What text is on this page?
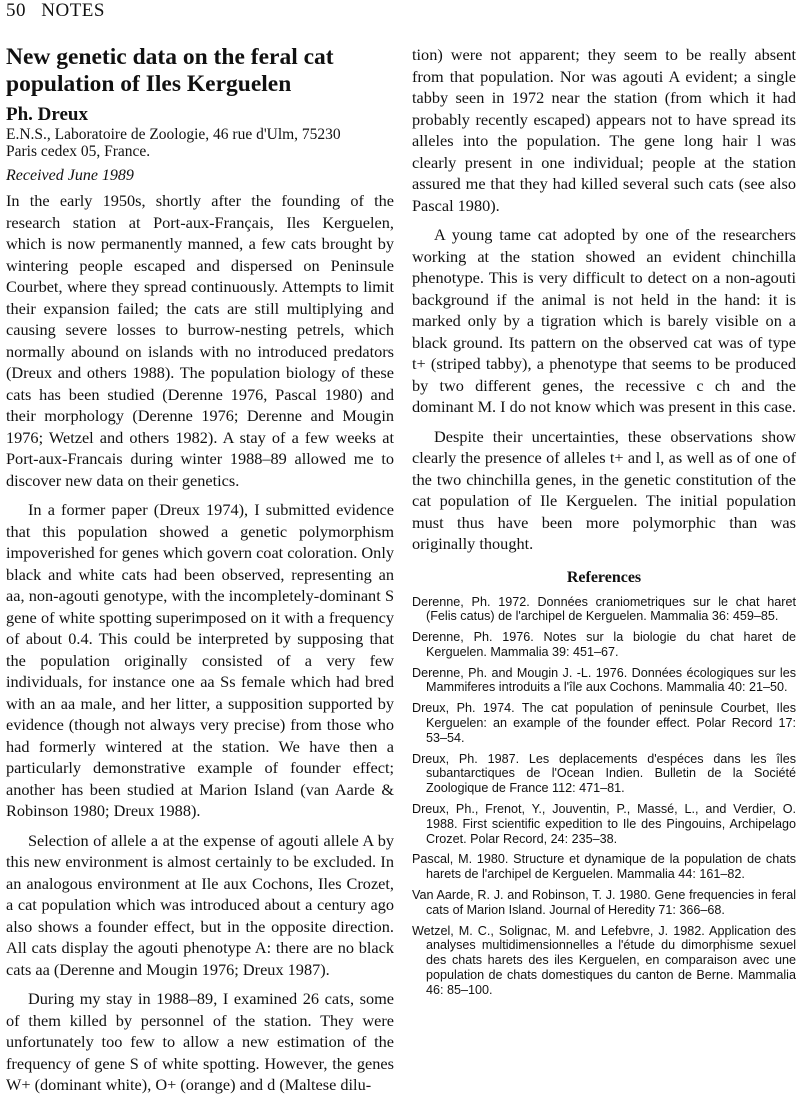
50 NOTES
New genetic data on the feral cat population of Iles Kerguelen
Ph. Dreux
E.N.S., Laboratoire de Zoologie, 46 rue d'Ulm, 75230
Paris cedex 05, France.
Received June 1989

In the early 1950s, shortly after the founding of the research station at Port-aux-Français, Iles Kerguelen, which is now permanently manned, a few cats brought by wintering people escaped and dispersed on Peninsule Courbet, where they spread continuously. Attempts to limit their expansion failed; the cats are still multiplying and causing severe losses to burrow-nesting petrels, which normally abound on islands with no introduced predators (Dreux and others 1988). The population biology of these cats has been studied (Derenne 1976, Pascal 1980) and their morphology (Derenne 1976; Derenne and Mougin 1976; Wetzel and others 1982). A stay of a few weeks at Port-aux-Francais during winter 1988–89 allowed me to discover new data on their genetics.

In a former paper (Dreux 1974), I submitted evidence that this population showed a genetic polymorphism impoverished for genes which govern coat coloration. Only black and white cats had been observed, representing an aa, non-agouti genotype, with the incompletely-dominant S gene of white spotting superimposed on it with a frequency of about 0.4. This could be interpreted by supposing that the population originally consisted of a very few individuals, for instance one aa Ss female which had bred with an aa male, and her litter, a supposition supported by evidence (though not always very precise) from those who had formerly wintered at the station. We have then a particularly demonstrative example of founder effect; another has been studied at Marion Island (van Aarde & Robinson 1980; Dreux 1988).

Selection of allele a at the expense of agouti allele A by this new environment is almost certainly to be excluded. In an analogous environment at Ile aux Cochons, Iles Crozet, a cat population which was introduced about a century ago also shows a founder effect, but in the opposite direction. All cats display the agouti phenotype A: there are no black cats aa (Derenne and Mougin 1976; Dreux 1987).

During my stay in 1988–89, I examined 26 cats, some of them killed by personnel of the station. They were unfortunately too few to allow a new estimation of the frequency of gene S of white spotting. However, the genes W+ (dominant white), O+ (orange) and d (Maltese dilu-

tion) were not apparent; they seem to be really absent from that population. Nor was agouti A evident; a single tabby seen in 1972 near the station (from which it had probably recently escaped) appears not to have spread its alleles into the population. The gene long hair l was clearly present in one individual; people at the station assured me that they had killed several such cats (see also Pascal 1980).

A young tame cat adopted by one of the researchers working at the station showed an evident chinchilla phenotype. This is very difficult to detect on a non-agouti background if the animal is not held in the hand: it is marked only by a tigration which is barely visible on a black ground. Its pattern on the observed cat was of type t+ (striped tabby), a phenotype that seems to be produced by two different genes, the recessive c ch and the dominant M. I do not know which was present in this case.

Despite their uncertainties, these observations show clearly the presence of alleles t+ and l, as well as of one of the two chinchilla genes, in the genetic constitution of the cat population of Ile Kerguelen. The initial population must thus have been more polymorphic than was originally thought.

References
Derenne, Ph. 1972. Données craniometriques sur le chat haret (Felis catus) de l'archipel de Kerguelen. Mammalia 36: 459–85.
Derenne, Ph. 1976. Notes sur la biologie du chat haret de Kerguelen. Mammalia 39: 451–67.
Derenne, Ph. and Mougin J. -L. 1976. Données écologiques sur les Mammiferes introduits a l'île aux Cochons. Mammalia 40: 21–50.
Dreux, Ph. 1974. The cat population of peninsule Courbet, Iles Kerguelen: an example of the founder effect. Polar Record 17: 53–54.
Dreux, Ph. 1987. Les deplacements d'espéces dans les îles subantarctiques de l'Ocean Indien. Bulletin de la Société Zoologique de France 112: 471–81.
Dreux, Ph., Frenot, Y., Jouventin, P., Massé, L., and Verdier, O. 1988. First scientific expedition to Ile des Pingouins, Archipelago Crozet. Polar Record, 24: 235–38.
Pascal, M. 1980. Structure et dynamique de la population de chats harets de l'archipel de Kerguelen. Mammalia 44: 161–82.
Van Aarde, R. J. and Robinson, T. J. 1980. Gene frequencies in feral cats of Marion Island. Journal of Heredity 71: 366–68.
Wetzel, M. C., Solignac, M. and Lefebvre, J. 1982. Application des analyses multidimensionnelles a l'étude du dimorphisme sexuel des chats harets des iles Kerguelen, en comparaison avec une population de chats domestiques du canton de Berne. Mammalia 46: 85–100.
